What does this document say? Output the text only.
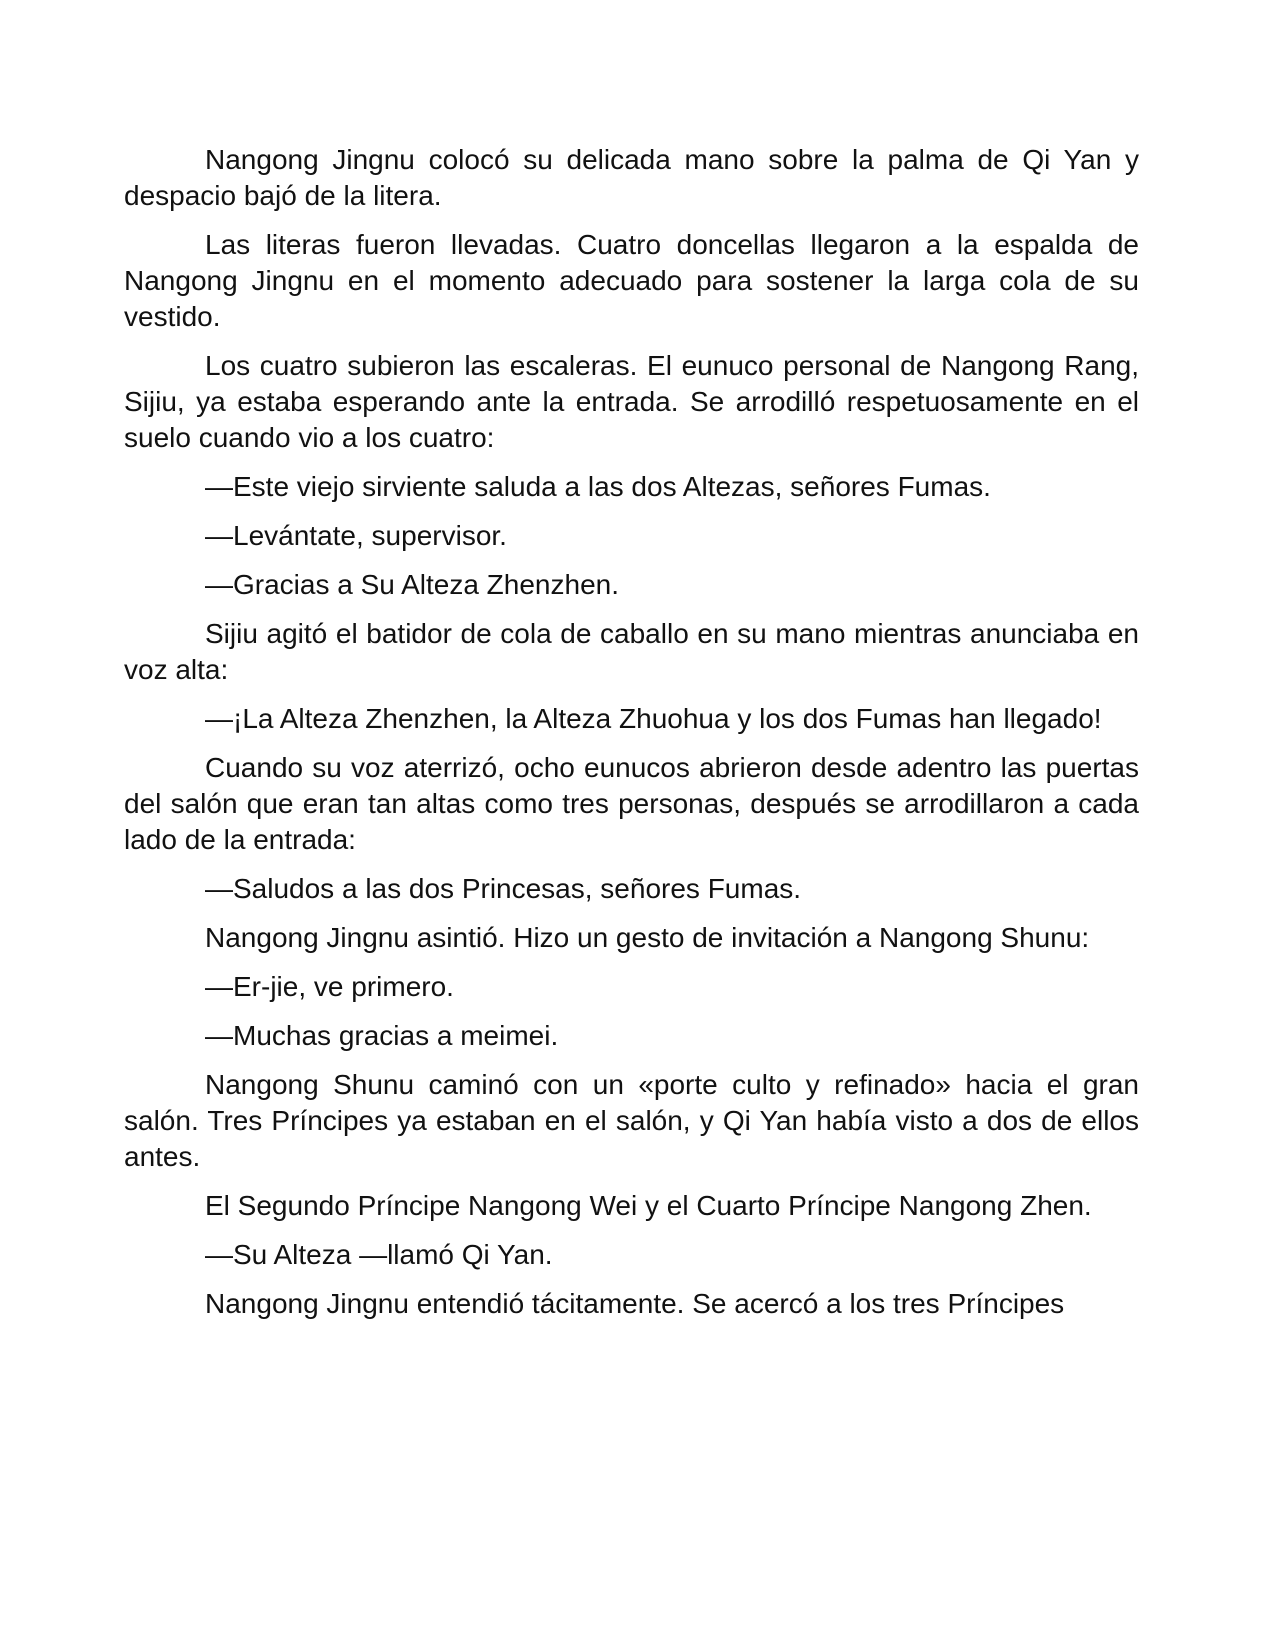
Nangong Jingnu colocó su delicada mano sobre la palma de Qi Yan y despacio bajó de la litera.

Las literas fueron llevadas. Cuatro doncellas llegaron a la espalda de Nangong Jingnu en el momento adecuado para sostener la larga cola de su vestido.

Los cuatro subieron las escaleras. El eunuco personal de Nangong Rang, Sijiu, ya estaba esperando ante la entrada. Se arrodilló respetuosamente en el suelo cuando vio a los cuatro:

—Este viejo sirviente saluda a las dos Altezas, señores Fumas.

—Levántate, supervisor.

—Gracias a Su Alteza Zhenzhen.

Sijiu agitó el batidor de cola de caballo en su mano mientras anunciaba en voz alta:

—¡La Alteza Zhenzhen, la Alteza Zhuohua y los dos Fumas han llegado!

Cuando su voz aterrizó, ocho eunucos abrieron desde adentro las puertas del salón que eran tan altas como tres personas, después se arrodillaron a cada lado de la entrada:

—Saludos a las dos Princesas, señores Fumas.

Nangong Jingnu asintió. Hizo un gesto de invitación a Nangong Shunu:

—Er-jie, ve primero.

—Muchas gracias a meimei.

Nangong Shunu caminó con un «porte culto y refinado» hacia el gran salón. Tres Príncipes ya estaban en el salón, y Qi Yan había visto a dos de ellos antes.

El Segundo Príncipe Nangong Wei y el Cuarto Príncipe Nangong Zhen.

—Su Alteza —llamó Qi Yan.

Nangong Jingnu entendió tácitamente. Se acercó a los tres Príncipes
